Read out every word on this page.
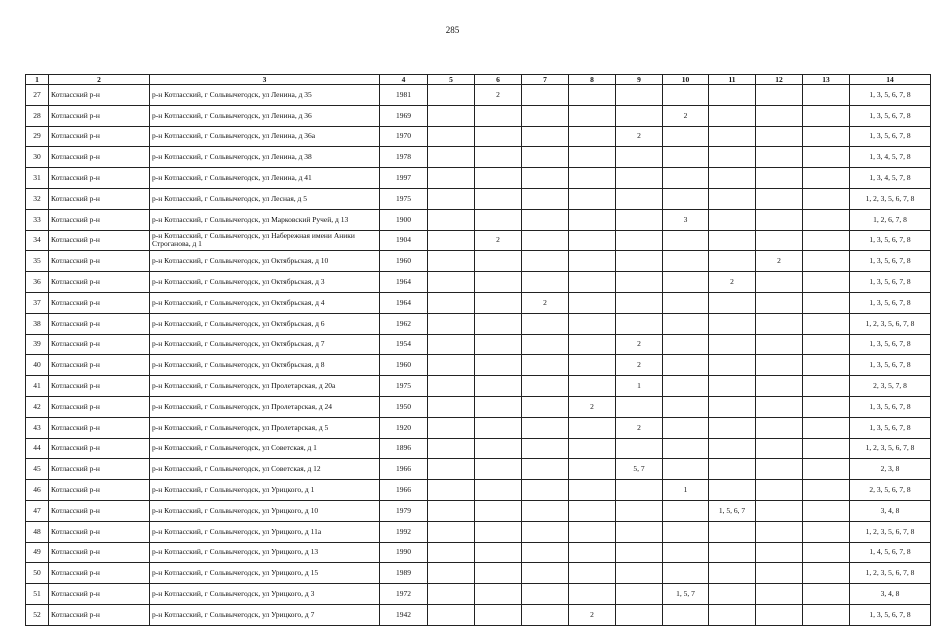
285
1	2	3	4	5	6	7	8	9	10	11	12	13	14
27	Котласский р-н	р-н Котласский, г Сольвычегодск, ул Ленина, д 35	1981		2								1, 3, 5, 6, 7, 8
28	Котласский р-н	р-н Котласский, г Сольвычегодск, ул Ленина, д 36	1969						2				1, 3, 5, 6, 7, 8
29	Котласский р-н	р-н Котласский, г Сольвычегодск, ул Ленина, д 36а	1970					2					1, 3, 5, 6, 7, 8
30	Котласский р-н	р-н Котласский, г Сольвычегодск, ул Ленина, д 38	1978										1, 3, 4, 5, 7, 8
31	Котласский р-н	р-н Котласский, г Сольвычегодск, ул Ленина, д 41	1997										1, 3, 4, 5, 7, 8
32	Котласский р-н	р-н Котласский, г Сольвычегодск, ул Лесная, д 5	1975										1, 2, 3, 5, 6, 7, 8
33	Котласский р-н	р-н Котласский, г Сольвычегодск, ул Марковский Ручей, д 13	1900						3				1, 2, 6, 7, 8
34	Котласский р-н	р-н Котласский, г Сольвычегодск, ул Набережная имени Аники Строганова, д 1	1904		2								1, 3, 5, 6, 7, 8
35	Котласский р-н	р-н Котласский, г Сольвычегодск, ул Октябрьская, д 10	1960								2		1, 3, 5, 6, 7, 8
36	Котласский р-н	р-н Котласский, г Сольвычегодск, ул Октябрьская, д 3	1964							2			1, 3, 5, 6, 7, 8
37	Котласский р-н	р-н Котласский, г Сольвычегодск, ул Октябрьская, д 4	1964			2							1, 3, 5, 6, 7, 8
38	Котласский р-н	р-н Котласский, г Сольвычегодск, ул Октябрьская, д 6	1962										1, 2, 3, 5, 6, 7, 8
39	Котласский р-н	р-н Котласский, г Сольвычегодск, ул Октябрьская, д 7	1954					2					1, 3, 5, 6, 7, 8
40	Котласский р-н	р-н Котласский, г Сольвычегодск, ул Октябрьская, д 8	1960					2					1, 3, 5, 6, 7, 8
41	Котласский р-н	р-н Котласский, г Сольвычегодск, ул Пролетарская, д 20а	1975					1					2, 3, 5, 7, 8
42	Котласский р-н	р-н Котласский, г Сольвычегодск, ул Пролетарская, д 24	1950				2						1, 3, 5, 6, 7, 8
43	Котласский р-н	р-н Котласский, г Сольвычегодск, ул Пролетарская, д 5	1920					2					1, 3, 5, 6, 7, 8
44	Котласский р-н	р-н Котласский, г Сольвычегодск, ул Советская, д 1	1896										1, 2, 3, 5, 6, 7, 8
45	Котласский р-н	р-н Котласский, г Сольвычегодск, ул Советская, д 12	1966					5, 7					2, 3, 8
46	Котласский р-н	р-н Котласский, г Сольвычегодск, ул Урицкого, д 1	1966						1				2, 3, 5, 6, 7, 8
47	Котласский р-н	р-н Котласский, г Сольвычегодск, ул Урицкого, д 10	1979							1, 5, 6, 7			3, 4, 8
48	Котласский р-н	р-н Котласский, г Сольвычегодск, ул Урицкого, д 11а	1992										1, 2, 3, 5, 6, 7, 8
49	Котласский р-н	р-н Котласский, г Сольвычегодск, ул Урицкого, д 13	1990										1, 4, 5, 6, 7, 8
50	Котласский р-н	р-н Котласский, г Сольвычегодск, ул Урицкого, д 15	1989										1, 2, 3, 5, 6, 7, 8
51	Котласский р-н	р-н Котласский, г Сольвычегодск, ул Урицкого, д 3	1972						1, 5, 7				3, 4, 8
52	Котласский р-н	р-н Котласский, г Сольвычегодск, ул Урицкого, д 7	1942				2						1, 3, 5, 6, 7, 8
